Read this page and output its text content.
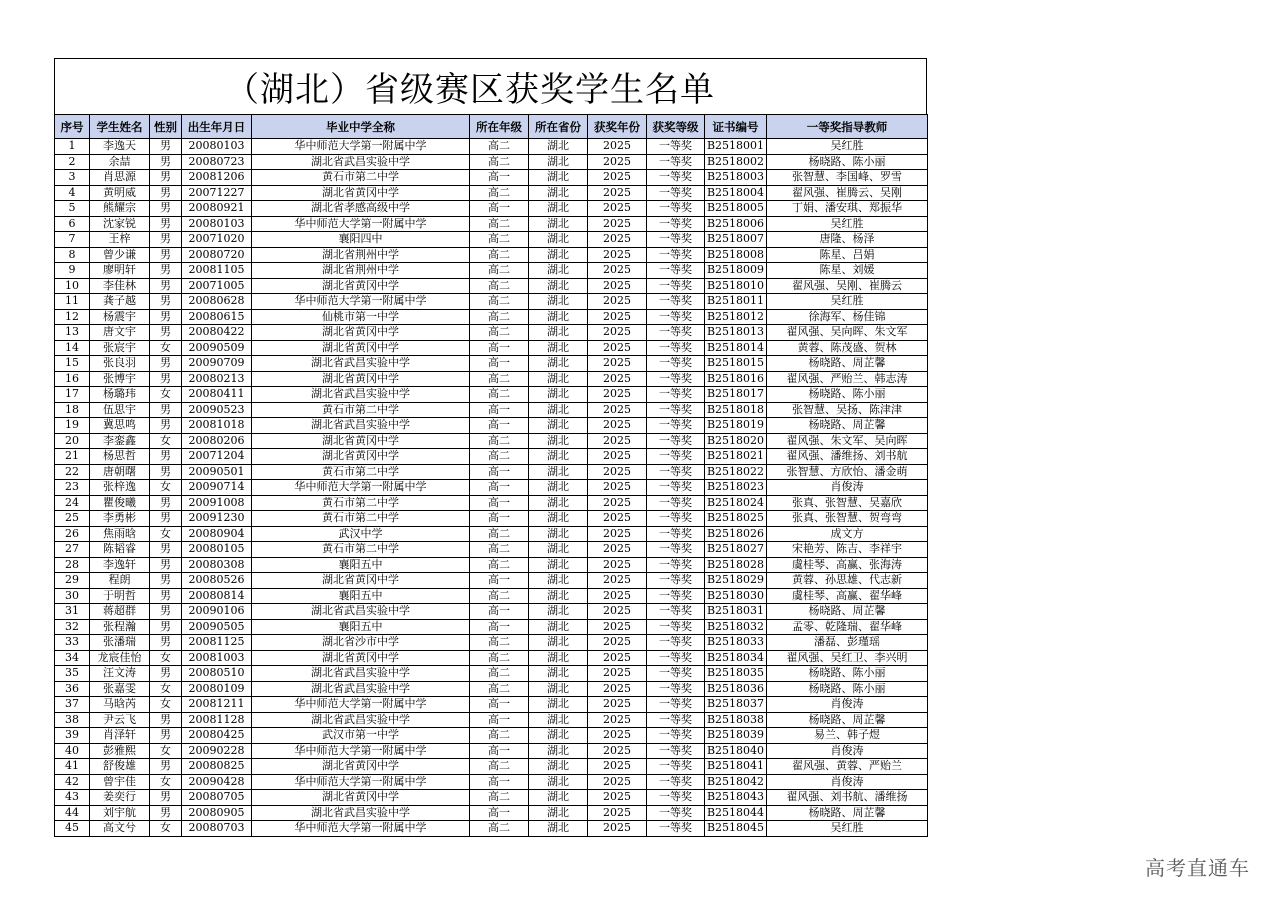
（湖北）省级赛区获奖学生名单
序号	学生姓名	性别	出生年月日	毕业中学全称	所在年级	所在省份	获奖年份	获奖等级	证书编号	一等奖指导教师
1	李逸天	男	20080103	华中师范大学第一附属中学	高二	湖北	2025	一等奖	B2518001	吴红胜
2	余喆	男	20080723	湖北省武昌实验中学	高二	湖北	2025	一等奖	B2518002	杨晓路、陈小丽
3	肖思源	男	20081206	黄石市第二中学	高一	湖北	2025	一等奖	B2518003	张智慧、李国峰、罗雪
4	黄明威	男	20071227	湖北省黄冈中学	高二	湖北	2025	一等奖	B2518004	翟风强、崔腾云、吴刚
5	熊耀宗	男	20080921	湖北省孝感高级中学	高一	湖北	2025	一等奖	B2518005	丁娟、潘安琪、郑振华
6	沈家锐	男	20080103	华中师范大学第一附属中学	高二	湖北	2025	一等奖	B2518006	吴红胜
7	王梓	男	20071020	襄阳四中	高二	湖北	2025	一等奖	B2518007	唐隆、杨泽
8	曾少谦	男	20080720	湖北省荆州中学	高二	湖北	2025	一等奖	B2518008	陈星、吕娟
9	廖明轩	男	20081105	湖北省荆州中学	高二	湖北	2025	一等奖	B2518009	陈星、刘媛
10	李佳林	男	20071005	湖北省黄冈中学	高二	湖北	2025	一等奖	B2518010	翟风强、吴刚、崔腾云
11	龚子越	男	20080628	华中师范大学第一附属中学	高二	湖北	2025	一等奖	B2518011	吴红胜
12	杨震宇	男	20080615	仙桃市第一中学	高二	湖北	2025	一等奖	B2518012	徐海军、杨佳锦
13	唐文宇	男	20080422	湖北省黄冈中学	高二	湖北	2025	一等奖	B2518013	翟风强、吴向晖、朱文军
14	张宸宇	女	20090509	湖北省黄冈中学	高一	湖北	2025	一等奖	B2518014	黄蓉、陈茂盛、贺林
15	张良羽	男	20090709	湖北省武昌实验中学	高一	湖北	2025	一等奖	B2518015	杨晓路、周芷馨
16	张博宇	男	20080213	湖北省黄冈中学	高二	湖北	2025	一等奖	B2518016	翟风强、严贻兰、韩志涛
17	杨璐玮	女	20080411	湖北省武昌实验中学	高二	湖北	2025	一等奖	B2518017	杨晓路、陈小丽
18	伍思宇	男	20090523	黄石市第二中学	高一	湖北	2025	一等奖	B2518018	张智慧、吴扬、陈津津
19	冀思鸣	男	20081018	湖北省武昌实验中学	高一	湖北	2025	一等奖	B2518019	杨晓路、周芷馨
20	李銮鑫	女	20080206	湖北省黄冈中学	高二	湖北	2025	一等奖	B2518020	翟风强、朱文军、吴向晖
21	杨思哲	男	20071204	湖北省黄冈中学	高二	湖北	2025	一等奖	B2518021	翟风强、潘维扬、刘书航
22	唐朝曙	男	20090501	黄石市第二中学	高一	湖北	2025	一等奖	B2518022	张智慧、方欣怡、潘金萌
23	张梓逸	女	20090714	华中师范大学第一附属中学	高一	湖北	2025	一等奖	B2518023	肖俊涛
24	瞿俊曦	男	20091008	黄石市第二中学	高一	湖北	2025	一等奖	B2518024	张真、张智慧、吴嘉欣
25	李勇彬	男	20091230	黄石市第二中学	高一	湖北	2025	一等奖	B2518025	张真、张智慧、贺弯弯
26	焦雨晗	女	20080904	武汉中学	高二	湖北	2025	一等奖	B2518026	成文方
27	陈韬睿	男	20080105	黄石市第二中学	高二	湖北	2025	一等奖	B2518027	宋艳芳、陈吉、李祥宇
28	李逸轩	男	20080308	襄阳五中	高二	湖北	2025	一等奖	B2518028	虞桂琴、高赢、张海涛
29	程朗	男	20080526	湖北省黄冈中学	高一	湖北	2025	一等奖	B2518029	黄蓉、孙思雄、代志新
30	于明哲	男	20080814	襄阳五中	高二	湖北	2025	一等奖	B2518030	虞桂琴、高赢、翟华峰
31	蒋超群	男	20090106	湖北省武昌实验中学	高一	湖北	2025	一等奖	B2518031	杨晓路、周芷馨
32	张程瀚	男	20090505	襄阳五中	高一	湖北	2025	一等奖	B2518032	孟零、乾隆瑞、翟华峰
33	张潘瑞	男	20081125	湖北省沙市中学	高二	湖北	2025	一等奖	B2518033	潘磊、彭瑾瑶
34	龙宸佳怡	女	20081003	湖北省黄冈中学	高二	湖北	2025	一等奖	B2518034	翟风强、吴红卫、李兴明
35	汪文涛	男	20080510	湖北省武昌实验中学	高二	湖北	2025	一等奖	B2518035	杨晓路、陈小丽
36	张嘉雯	女	20080109	湖北省武昌实验中学	高二	湖北	2025	一等奖	B2518036	杨晓路、陈小丽
37	马晗芮	女	20081211	华中师范大学第一附属中学	高一	湖北	2025	一等奖	B2518037	肖俊涛
38	尹云飞	男	20081128	湖北省武昌实验中学	高一	湖北	2025	一等奖	B2518038	杨晓路、周芷馨
39	肖泽轩	男	20080425	武汉市第一中学	高二	湖北	2025	一等奖	B2518039	易兰、韩子煜
40	彭雅熙	女	20090228	华中师范大学第一附属中学	高一	湖北	2025	一等奖	B2518040	肖俊涛
41	舒俊雄	男	20080825	湖北省黄冈中学	高二	湖北	2025	一等奖	B2518041	翟风强、黄蓉、严贻兰
42	曾宇佳	女	20090428	华中师范大学第一附属中学	高一	湖北	2025	一等奖	B2518042	肖俊涛
43	姜奕行	男	20080705	湖北省黄冈中学	高二	湖北	2025	一等奖	B2518043	翟风强、刘书航、潘维扬
44	刘宇航	男	20080905	湖北省武昌实验中学	高一	湖北	2025	一等奖	B2518044	杨晓路、周芷馨
45	高文兮	女	20080703	华中师范大学第一附属中学	高二	湖北	2025	一等奖	B2518045	吴红胜
高考直通车
